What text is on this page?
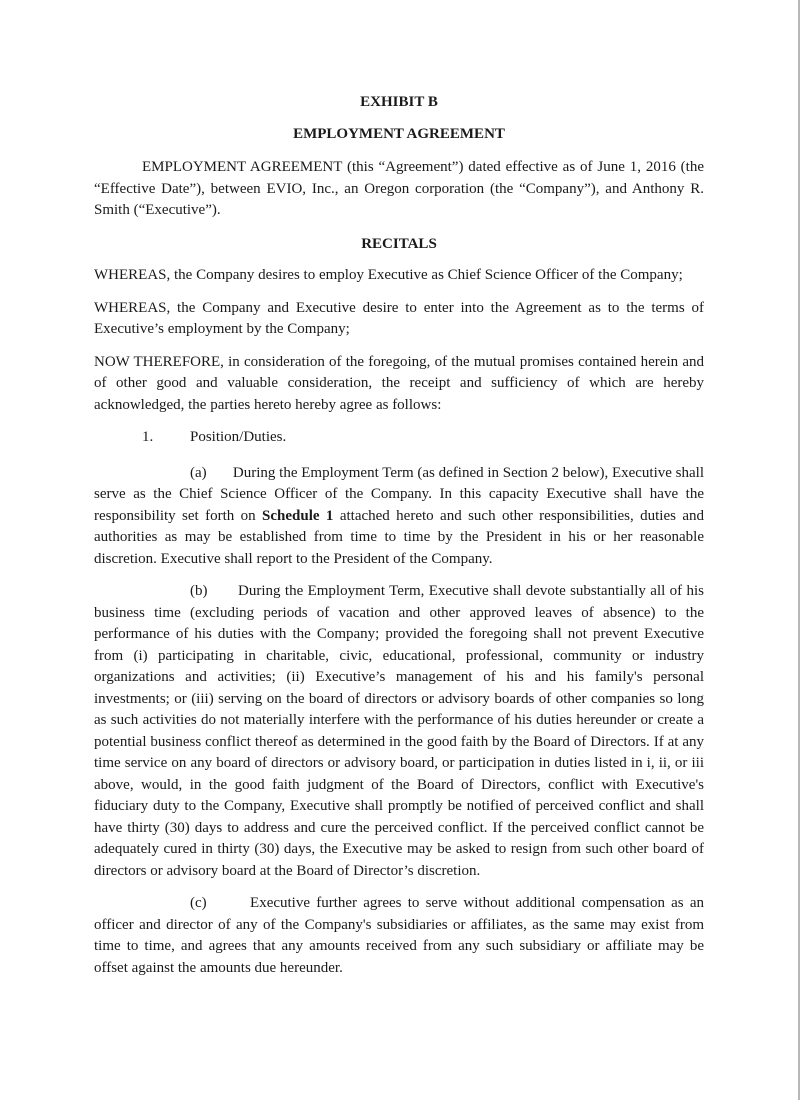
EXHIBIT B
EMPLOYMENT AGREEMENT

EMPLOYMENT AGREEMENT (this “Agreement”) dated effective as of June 1, 2016 (the “Effective Date”), between EVIO, Inc., an Oregon corporation (the “Company”), and Anthony R. Smith (“Executive”).

RECITALS

WHEREAS, the Company desires to employ Executive as Chief Science Officer of the Company;

WHEREAS, the Company and Executive desire to enter into the Agreement as to the terms of Executive’s employment by the Company;

NOW THEREFORE, in consideration of the foregoing, of the mutual promises contained herein and of other good and valuable consideration, the receipt and sufficiency of which are hereby acknowledged, the parties hereto hereby agree as follows:

1.	Position/Duties.

(a) During the Employment Term (as defined in Section 2 below), Executive shall serve as the Chief Science Officer of the Company. In this capacity Executive shall have the responsibility set forth on Schedule 1 attached hereto and such other responsibilities, duties and authorities as may be established from time to time by the President in his or her reasonable discretion. Executive shall report to the President of the Company.

(b) During the Employment Term, Executive shall devote substantially all of his business time (excluding periods of vacation and other approved leaves of absence) to the performance of his duties with the Company; provided the foregoing shall not prevent Executive from (i) participating in charitable, civic, educational, professional, community or industry organizations and activities; (ii) Executive’s management of his and his family's personal investments; or (iii) serving on the board of directors or advisory boards of other companies so long as such activities do not materially interfere with the performance of his duties hereunder or create a potential business conflict thereof as determined in the good faith by the Board of Directors. If at any time service on any board of directors or advisory board, or participation in duties listed in i, ii, or iii above, would, in the good faith judgment of the Board of Directors, conflict with Executive's fiduciary duty to the Company, Executive shall promptly be notified of perceived conflict and shall have thirty (30) days to address and cure the perceived conflict. If the perceived conflict cannot be adequately cured in thirty (30) days, the Executive may be asked to resign from such other board of directors or advisory board at the Board of Director’s discretion.

(c)	Executive further agrees to serve without additional compensation as an officer and director of any of the Company's subsidiaries or affiliates, as the same may exist from time to time, and agrees that any amounts received from any such subsidiary or affiliate may be offset against the amounts due hereunder.
